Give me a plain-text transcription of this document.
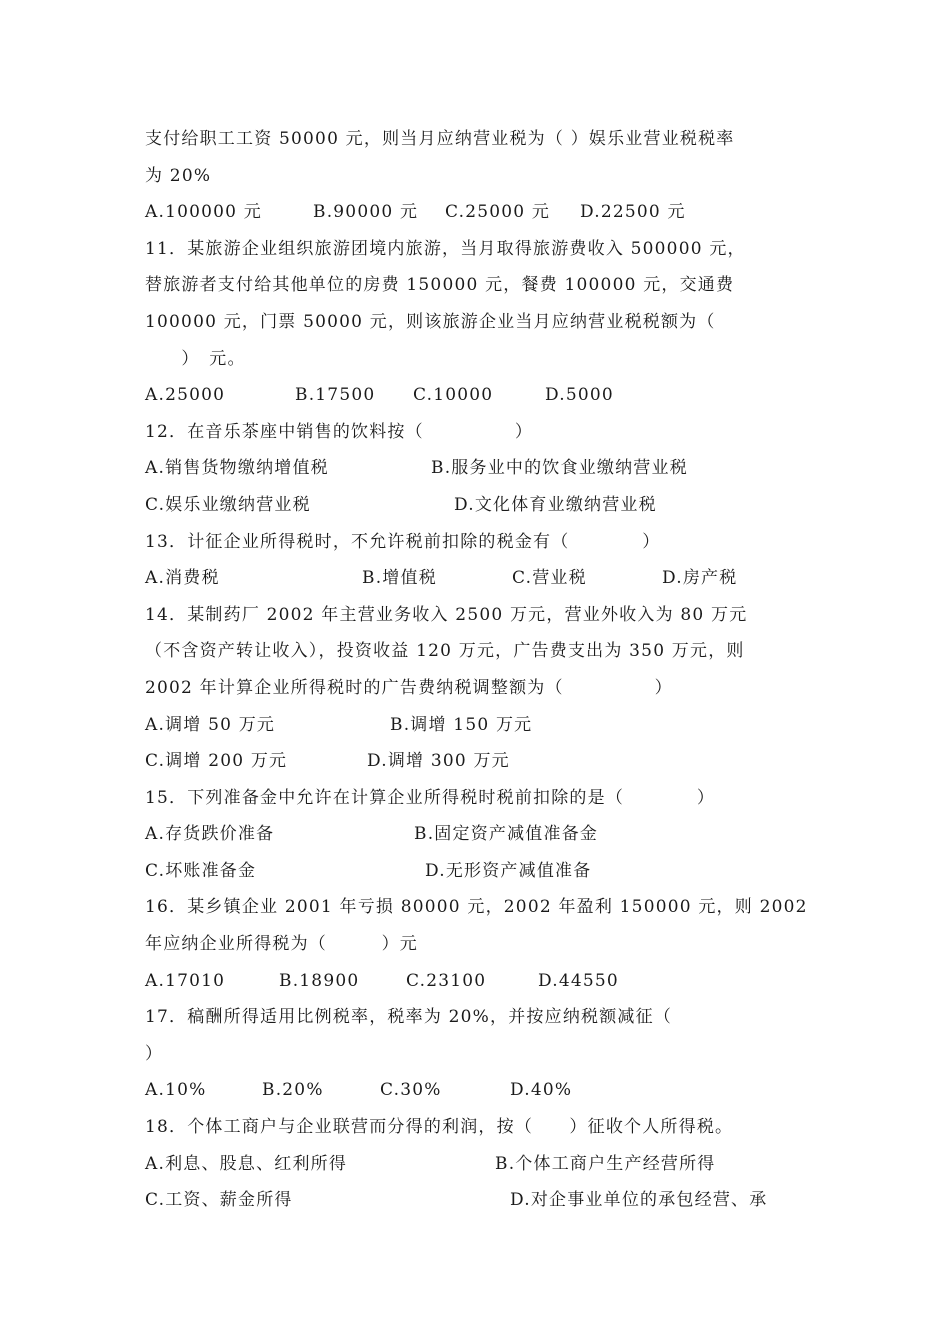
支付给职工工资 50000 元，则当月应纳营业税为（ ）娱乐业营业税税率
为 20%
A.100000 元	B.90000 元 C.25000 元 D.22500 元
11．某旅游企业组织旅游团境内旅游，当月取得旅游费收入 500000 元，
替旅游者支付给其他单位的房费 150000 元，餐费 100000 元，交通费
100000 元，门票 50000 元，则该旅游企业当月应纳营业税税额为（
　　）　元。
A.25000	B.17500 C.10000	D.5000
12．在音乐茶座中销售的饮料按（　　　　　）
A.销售货物缴纳增值税	B.服务业中的饮食业缴纳营业税
C.娱乐业缴纳营业税	D.文化体育业缴纳营业税
13．计征企业所得税时，不允许税前扣除的税金有（　　　　）
A.消费税	B.增值税	C.营业税	D.房产税
14．某制药厂 2002 年主营业务收入 2500 万元，营业外收入为 80 万元
（不含资产转让收入），投资收益 120 万元，广告费支出为 350 万元，则
2002 年计算企业所得税时的广告费纳税调整额为（　　　　　）
A.调增 50 万元	B.调增 150 万元
C.调增 200 万元	D.调增 300 万元
15．下列准备金中允许在计算企业所得税时税前扣除的是（　　　　）
A.存货跌价准备	B.固定资产减值准备金
C.坏账准备金	D.无形资产减值准备
16．某乡镇企业 2001 年亏损 80000 元，2002 年盈利 150000 元，则 2002
年应纳企业所得税为（　　　）元
A.17010	B.18900	C.23100	D.44550
17．稿酬所得适用比例税率，税率为 20%，并按应纳税额减征（
）
A.10%	B.20%	C.30%	D.40%
18．个体工商户与企业联营而分得的利润，按（　　）征收个人所得税。
A.利息、股息、红利所得	B.个体工商户生产经营所得
C.工资、薪金所得	D.对企事业单位的承包经营、承
